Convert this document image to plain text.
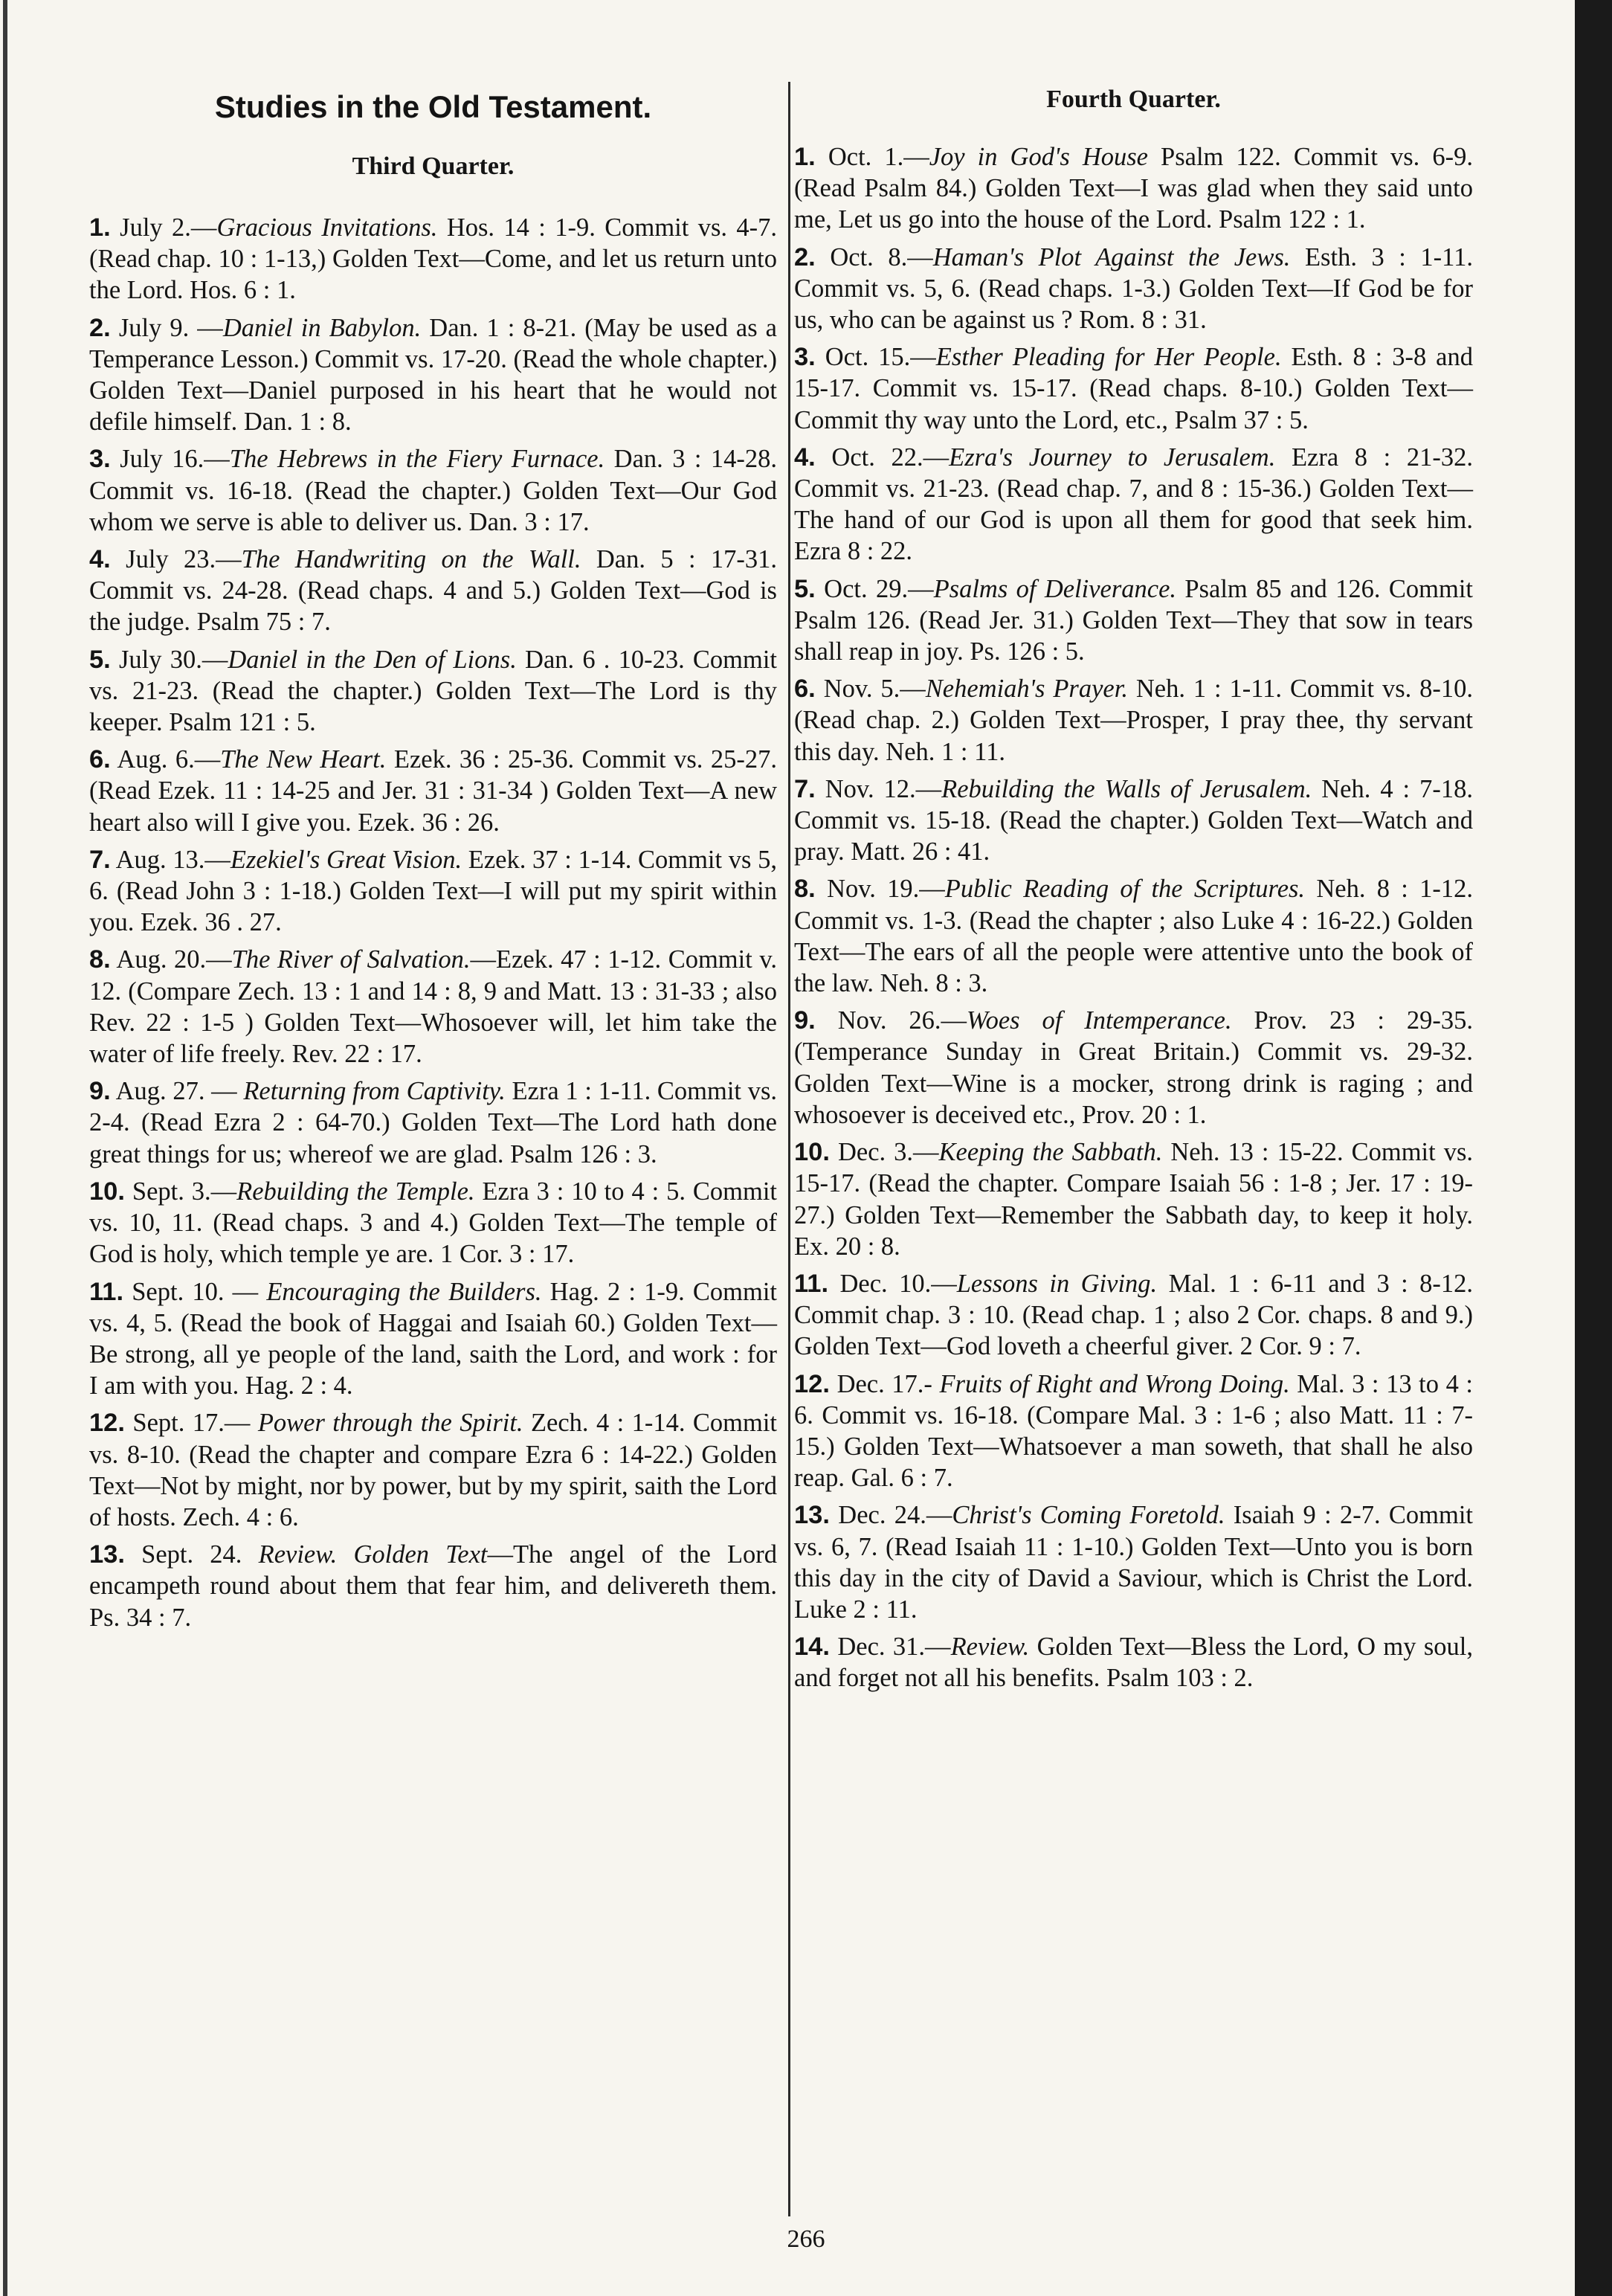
Studies in the Old Testament.
Third Quarter.
Fourth Quarter.
1. July 2.—Gracious Invitations. Hos. 14 : 1-9. Commit vs. 4-7. (Read chap. 10 : 1-13,) Golden Text—Come, and let us return unto the Lord. Hos. 6 : 1.
2. July 9. —Daniel in Babylon. Dan. 1 : 8-21. (May be used as a Temperance Lesson.) Commit vs. 17-20. (Read the whole chapter.) Golden Text—Daniel purposed in his heart that he would not defile himself. Dan. 1 : 8.
3. July 16.—The Hebrews in the Fiery Furnace. Dan. 3 : 14-28. Commit vs. 16-18. (Read the chapter.) Golden Text—Our God whom we serve is able to deliver us. Dan. 3 : 17.
4. July 23.—The Handwriting on the Wall. Dan. 5 : 17-31. Commit vs. 24-28. (Read chaps. 4 and 5.) Golden Text—God is the judge. Psalm 75 : 7.
5. July 30.—Daniel in the Den of Lions. Dan. 6 . 10-23. Commit vs. 21-23. (Read the chapter.) Golden Text—The Lord is thy keeper. Psalm 121 : 5.
6. Aug. 6.—The New Heart. Ezek. 36 : 25-36. Commit vs. 25-27. (Read Ezek. 11 : 14-25 and Jer. 31 : 31-34 ) Golden Text—A new heart also will I give you. Ezek. 36 : 26.
7. Aug. 13.—Ezekiel's Great Vision. Ezek. 37 : 1-14. Commit vs 5, 6. (Read John 3 : 1-18.) Golden Text—I will put my spirit within you. Ezek. 36 . 27.
8. Aug. 20.—The River of Salvation.—Ezek. 47 : 1-12. Commit v. 12. (Compare Zech. 13 : 1 and 14 : 8, 9 and Matt. 13 : 31-33 ; also Rev. 22 : 1-5 ) Golden Text—Whosoever will, let him take the water of life freely. Rev. 22 : 17.
9. Aug. 27. — Returning from Captivity. Ezra 1 : 1-11. Commit vs. 2-4. (Read Ezra 2 : 64-70.) Golden Text—The Lord hath done great things for us; whereof we are glad. Psalm 126 : 3.
10. Sept. 3.—Rebuilding the Temple. Ezra 3 : 10 to 4 : 5. Commit vs. 10, 11. (Read chaps. 3 and 4.) Golden Text—The temple of God is holy, which temple ye are. 1 Cor. 3 : 17.
11. Sept. 10. — Encouraging the Builders. Hag. 2 : 1-9. Commit vs. 4, 5. (Read the book of Haggai and Isaiah 60.) Golden Text—Be strong, all ye people of the land, saith the Lord, and work : for I am with you. Hag. 2 : 4.
12. Sept. 17.— Power through the Spirit. Zech. 4 : 1-14. Commit vs. 8-10. (Read the chapter and compare Ezra 6 : 14-22.) Golden Text—Not by might, nor by power, but by my spirit, saith the Lord of hosts. Zech. 4 : 6.
13. Sept. 24. Review. Golden Text—The angel of the Lord encampeth round about them that fear him, and delivereth them. Ps. 34 : 7.
1. Oct. 1.—Joy in God's House Psalm 122. Commit vs. 6-9. (Read Psalm 84.) Golden Text—I was glad when they said unto me, Let us go into the house of the Lord. Psalm 122 : 1.
2. Oct. 8.—Haman's Plot Against the Jews. Esth. 3 : 1-11. Commit vs. 5, 6. (Read chaps. 1-3.) Golden Text—If God be for us, who can be against us ? Rom. 8 : 31.
3. Oct. 15.—Esther Pleading for Her People. Esth. 8 : 3-8 and 15-17. Commit vs. 15-17. (Read chaps. 8-10.) Golden Text—Commit thy way unto the Lord, etc., Psalm 37 : 5.
4. Oct. 22.—Ezra's Journey to Jerusalem. Ezra 8 : 21-32. Commit vs. 21-23. (Read chap. 7, and 8 : 15-36.) Golden Text—The hand of our God is upon all them for good that seek him. Ezra 8 : 22.
5. Oct. 29.—Psalms of Deliverance. Psalm 85 and 126. Commit Psalm 126. (Read Jer. 31.) Golden Text—They that sow in tears shall reap in joy. Ps. 126 : 5.
6. Nov. 5.—Nehemiah's Prayer. Neh. 1 : 1-11. Commit vs. 8-10. (Read chap. 2.) Golden Text—Prosper, I pray thee, thy servant this day. Neh. 1 : 11.
7. Nov. 12.—Rebuilding the Walls of Jerusalem. Neh. 4 : 7-18. Commit vs. 15-18. (Read the chapter.) Golden Text—Watch and pray. Matt. 26 : 41.
8. Nov. 19.—Public Reading of the Scriptures. Neh. 8 : 1-12. Commit vs. 1-3. (Read the chapter ; also Luke 4 : 16-22.) Golden Text—The ears of all the people were attentive unto the book of the law. Neh. 8 : 3.
9. Nov. 26.—Woes of Intemperance. Prov. 23 : 29-35. (Temperance Sunday in Great Britain.) Commit vs. 29-32. Golden Text—Wine is a mocker, strong drink is raging ; and whosoever is deceived etc., Prov. 20 : 1.
10. Dec. 3.—Keeping the Sabbath. Neh. 13 : 15-22. Commit vs. 15-17. (Read the chapter. Compare Isaiah 56 : 1-8 ; Jer. 17 : 19-27.) Golden Text—Remember the Sabbath day, to keep it holy. Ex. 20 : 8.
11. Dec. 10.—Lessons in Giving. Mal. 1 : 6-11 and 3 : 8-12. Commit chap. 3 : 10. (Read chap. 1 ; also 2 Cor. chaps. 8 and 9.) Golden Text—God loveth a cheerful giver. 2 Cor. 9 : 7.
12. Dec. 17.- Fruits of Right and Wrong Doing. Mal. 3 : 13 to 4 : 6. Commit vs. 16-18. (Compare Mal. 3 : 1-6 ; also Matt. 11 : 7-15.) Golden Text—Whatsoever a man soweth, that shall he also reap. Gal. 6 : 7.
13. Dec. 24.—Christ's Coming Foretold. Isaiah 9 : 2-7. Commit vs. 6, 7. (Read Isaiah 11 : 1-10.) Golden Text—Unto you is born this day in the city of David a Saviour, which is Christ the Lord. Luke 2 : 11.
14. Dec. 31.—Review. Golden Text—Bless the Lord, O my soul, and forget not all his benefits. Psalm 103 : 2.
266
